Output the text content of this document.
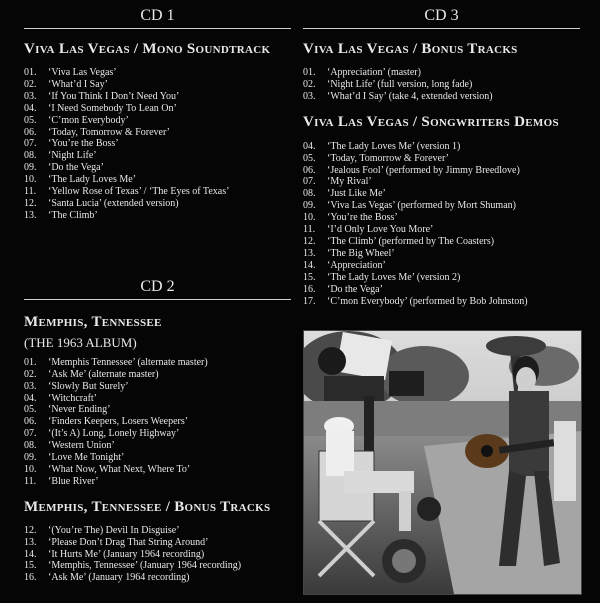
CD 1
Viva Las Vegas / Mono Soundtrack
01.	‘Viva Las Vegas’
02.	‘What’d I Say’
03.	‘If You Think I Don’t Need You’
04.	‘I Need Somebody To Lean On’
05.	‘C’mon Everybody’
06.	‘Today, Tomorrow & Forever’
07.	‘You’re the Boss’
08.	‘Night Life’
09.	‘Do the Vega’
10.	‘The Lady Loves Me’
11.	‘Yellow Rose of Texas’ / ‘The Eyes of Texas’
12.	‘Santa Lucia’ (extended version)
13.	‘The Climb’
CD 2
Memphis, Tennessee
(THE 1963 ALBUM)
01.	‘Memphis Tennessee’ (alternate master)
02.	‘Ask Me’ (alternate master)
03.	‘Slowly But Surely’
04.	‘Witchcraft’
05.	‘Never Ending’
06.	‘Finders Keepers, Losers Weepers’
07.	‘(It’s A) Long, Lonely Highway’
08.	‘Western Union’
09.	‘Love Me Tonight’
10.	‘What Now, What Next, Where To’
11.	‘Blue River’
Memphis, Tennessee / Bonus Tracks
12.	‘(You’re The) Devil In Disguise’
13.	‘Please Don’t Drag That String Around’
14.	‘It Hurts Me’ (January 1964 recording)
15.	‘Memphis, Tennessee’ (January 1964 recording)
16.	‘Ask Me’ (January 1964 recording)
CD 3
Viva Las Vegas / Bonus Tracks
01.	‘Appreciation’ (master)
02.	‘Night Life’ (full version, long fade)
03.	‘What’d I Say’ (take 4, extended version)
Viva Las Vegas / Songwriters Demos
04.	‘The Lady Loves Me’ (version 1)
05.	‘Today, Tomorrow & Forever’
06.	‘Jealous Fool’ (performed by Jimmy Breedlove)
07.	‘My Rival’
08.	‘Just Like Me’
09.	‘Viva Las Vegas’ (performed by Mort Shuman)
10.	‘You’re the Boss’
11.	‘I’d Only Love You More’
12.	‘The Climb’ (performed by The Coasters)
13.	‘The Big Wheel’
14.	‘Appreciation’
15.	‘The Lady Loves Me’ (version 2)
16.	‘Do the Vega’
17.	‘C’mon Everybody’ (performed by Bob Johnston)
